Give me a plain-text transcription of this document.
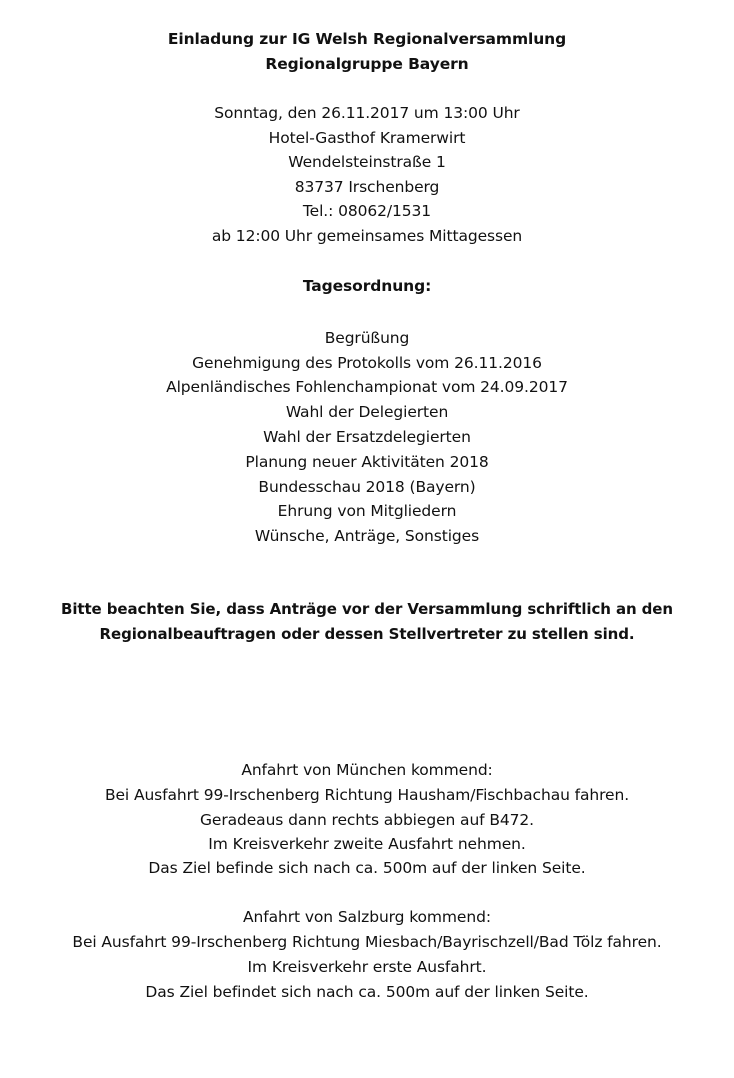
Einladung zur IG Welsh Regionalversammlung
Regionalgruppe Bayern
Sonntag, den 26.11.2017 um 13:00 Uhr
Hotel-Gasthof Kramerwirt
Wendelsteinstraße 1
83737 Irschenberg
Tel.: 08062/1531
ab 12:00 Uhr gemeinsames Mittagessen
Tagesordnung:
Begrüßung
Genehmigung des Protokolls vom 26.11.2016
Alpenländisches Fohlenchampionat vom 24.09.2017
Wahl der Delegierten
Wahl der Ersatzdelegierten
Planung neuer Aktivitäten 2018
Bundesschau 2018 (Bayern)
Ehrung von Mitgliedern
Wünsche, Anträge, Sonstiges
Bitte beachten Sie, dass Anträge vor der Versammlung schriftlich an den
Regionalbeauftragen oder dessen Stellvertreter zu stellen sind.
Anfahrt von München kommend:
Bei Ausfahrt 99-Irschenberg Richtung Hausham/Fischbachau fahren.
Geradeaus dann rechts abbiegen auf B472.
Im Kreisverkehr zweite Ausfahrt nehmen.
Das Ziel befinde sich nach ca. 500m auf der linken Seite.
Anfahrt von Salzburg kommend:
Bei Ausfahrt 99-Irschenberg Richtung Miesbach/Bayrischzell/Bad Tölz fahren.
Im Kreisverkehr erste Ausfahrt.
Das Ziel befindet sich nach ca. 500m auf der linken Seite.
